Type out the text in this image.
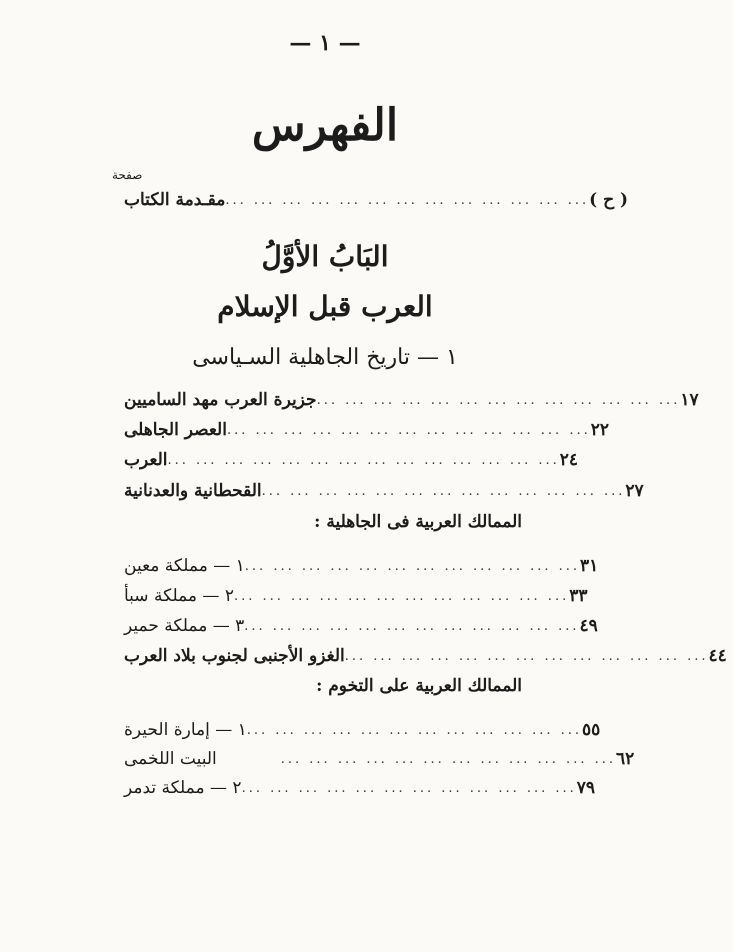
— ١ —
الفهرس
صفحة
مقـدمة الكتاب ... ... ... ... ... ... ... ... ... ... ... ... ... ( ح )
البَابُ الأوَّلُ
العرب قبل الإسلام
١ — تاريخ الجاهلية السـياسى
جزيرة العرب مهد الساميين ... ... ... ... ... ... ... ... ... ... ... ... ... ١٧
العصر الجاهلى ... ... ... ... ... ... ... ... ... ... ... ... ... ٢٢
العرب ... ... ... ... ... ... ... ... ... ... ... ... ... ... ٢٤
القحطانية والعدنانية ... ... ... ... ... ... ... ... ... ... ... ... ... ٢٧
الممالك العربية فى الجاهلية :
١ — مملكة معين ... ... ... ... ... ... ... ... ... ... ... ... ٣١
٢ — مملكة سبأ ... ... ... ... ... ... ... ... ... ... ... ... ٣٣
٣ — مملكة حمير ... ... ... ... ... ... ... ... ... ... ... ... ٤٩
الغزو الأجنبى لجنوب بلاد العرب ... ... ... ... ... ... ... ... ... ... ... ... ... ٤٤
الممالك العربية على التخوم :
١ — إمارة الحيرة ... ... ... ... ... ... ... ... ... ... ... ... ٥٥
البيت اللخمى	... ... ... ... ... ... ... ... ... ... ... ... ٦٢
٢ — مملكة تدمر ... ... ... ... ... ... ... ... ... ... ... ... ٧٩
